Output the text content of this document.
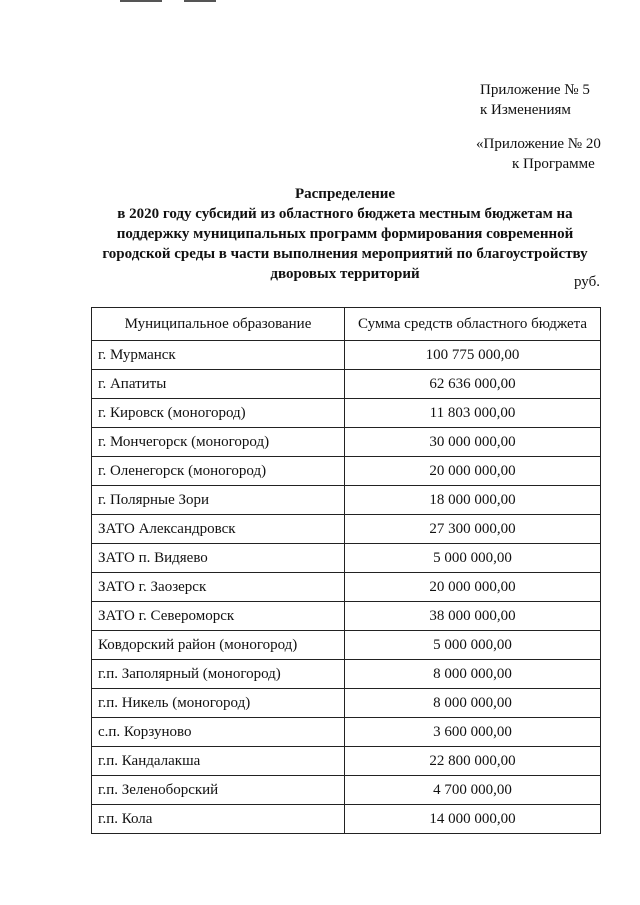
Приложение № 5
к Изменениям
«Приложение № 20
к Программе
Распределение
в 2020 году субсидий из областного бюджета местным бюджетам на
поддержку муниципальных программ формирования современной
городской среды в части выполнения мероприятий по благоустройству
дворовых территорий	руб.
Муниципальное образование	Сумма средств областного бюджета
г. Мурманск	100 775 000,00
г. Апатиты	62 636 000,00
г. Кировск (моногород)	11 803 000,00
г. Мончегорск (моногород)	30 000 000,00
г. Оленегорск (моногород)	20 000 000,00
г. Полярные Зори	18 000 000,00
ЗАТО Александровск	27 300 000,00
ЗАТО п. Видяево	5 000 000,00
ЗАТО г. Заозерск	20 000 000,00
ЗАТО г. Североморск	38 000 000,00
Ковдорский район (моногород)	5 000 000,00
г.п. Заполярный (моногород)	8 000 000,00
г.п. Никель (моногород)	8 000 000,00
с.п. Корзуново	3 600 000,00
г.п. Кандалакша	22 800 000,00
г.п. Зеленоборский	4 700 000,00
г.п. Кола	14 000 000,00
